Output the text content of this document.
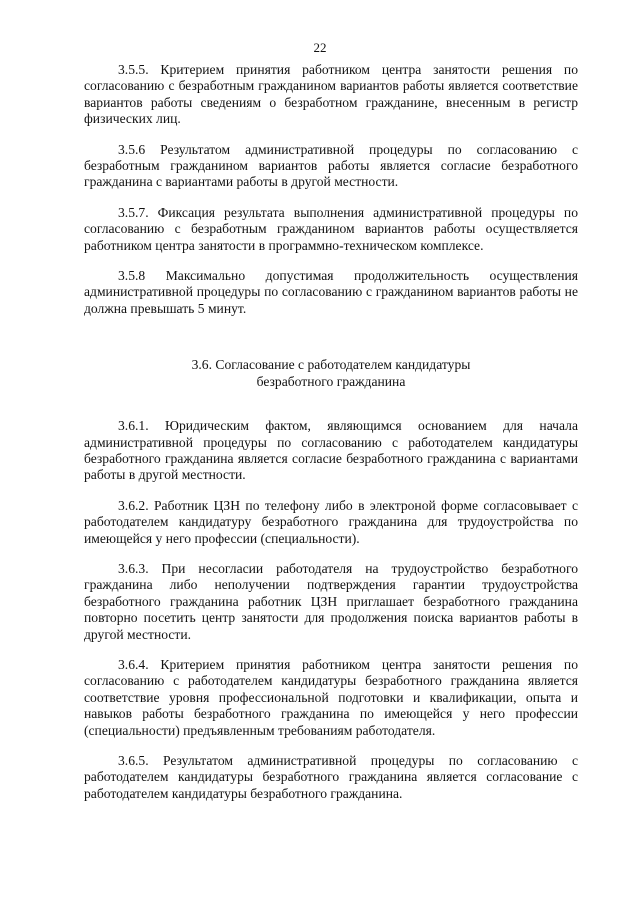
22

3.5.5. Критерием принятия работником центра занятости решения по согласованию с безработным гражданином вариантов работы является соответствие вариантов работы сведениям о безработном гражданине, внесенным в регистр физических лиц.

3.5.6 Результатом административной процедуры по согласованию с безработным гражданином вариантов работы является согласие безработного гражданина с вариантами работы в другой местности.

3.5.7. Фиксация результата выполнения административной процедуры по согласованию с безработным гражданином вариантов работы осуществляется работником центра занятости в программно-техническом комплексе.

3.5.8 Максимально допустимая продолжительность осуществления административной процедуры по согласованию с гражданином вариантов работы не должна превышать 5 минут.

3.6. Согласование с работодателем кандидатуры
безработного гражданина

3.6.1. Юридическим фактом, являющимся основанием для начала административной процедуры по согласованию с работодателем кандидатуры безработного гражданина является согласие безработного гражданина с вариантами работы в другой местности.

3.6.2. Работник ЦЗН по телефону либо в электроной форме согласовывает с работодателем кандидатуру безработного гражданина для трудоустройства по имеющейся у него профессии (специальности).

3.6.3. При несогласии работодателя на трудоустройство безработного гражданина либо неполучении подтверждения гарантии трудоустройства безработного гражданина работник ЦЗН приглашает безработного гражданина повторно посетить центр занятости для продолжения поиска вариантов работы в другой местности.

3.6.4. Критерием принятия работником центра занятости решения по согласованию с работодателем кандидатуры безработного гражданина является соответствие уровня профессиональной подготовки и квалификации, опыта и навыков работы безработного гражданина по имеющейся у него профессии (специальности) предъявленным требованиям работодателя.

3.6.5. Результатом административной процедуры по согласованию с работодателем кандидатуры безработного гражданина является согласование с работодателем кандидатуры безработного гражданина.
